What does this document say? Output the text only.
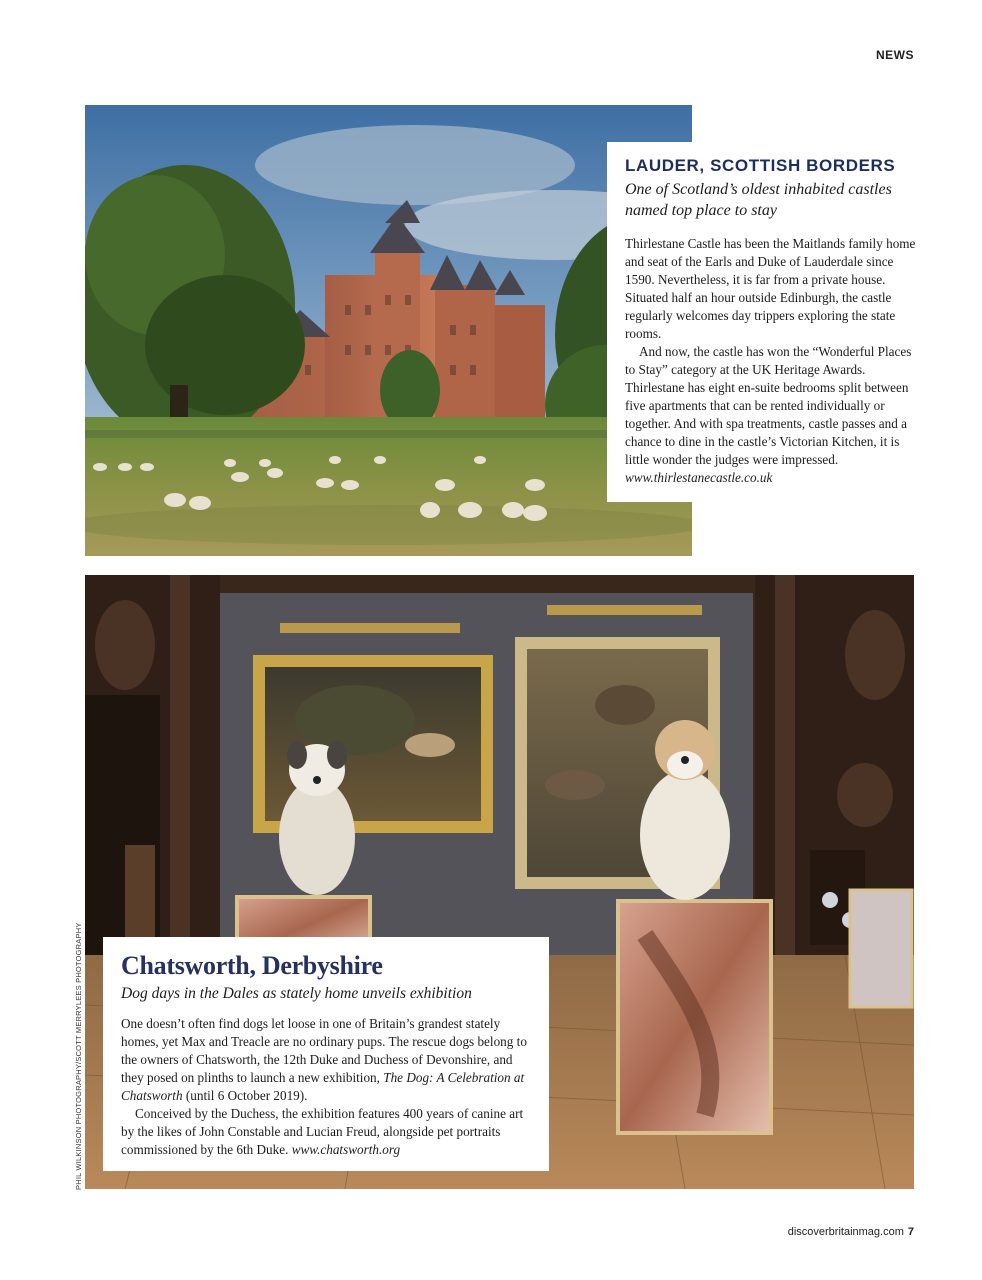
NEWS
LAUDER, SCOTTISH BORDERS

One of Scotland’s oldest inhabited castles named top place to stay

Thirlestane Castle has been the Maitlands family home and seat of the Earls and Duke of Lauderdale since 1590. Nevertheless, it is far from a private house. Situated half an hour outside Edinburgh, the castle regularly welcomes day trippers exploring the state rooms.

And now, the castle has won the “Wonderful Places to Stay” category at the UK Heritage Awards. Thirlestane has eight en-suite bedrooms split between five apartments that can be rented individually or together. And with spa treatments, castle passes and a chance to dine in the castle’s Victorian Kitchen, it is little wonder the judges were impressed. www.thirlestanecastle.co.uk

Chatsworth, Derbyshire

Dog days in the Dales as stately home unveils exhibition

One doesn’t often find dogs let loose in one of Britain’s grandest stately homes, yet Max and Treacle are no ordinary pups. The rescue dogs belong to the owners of Chatsworth, the 12th Duke and Duchess of Devonshire, and they posed on plinths to launch a new exhibition, The Dog: A Celebration at Chatsworth (until 6 October 2019).

Conceived by the Duchess, the exhibition features 400 years of canine art by the likes of John Constable and Lucian Freud, alongside pet portraits commissioned by the 6th Duke. www.chatsworth.org

PHIL WILKINSON PHOTOGRAPHY/SCOTT MERRYLEES PHOTOGRAPHY
discoverbritainmag.com 7
